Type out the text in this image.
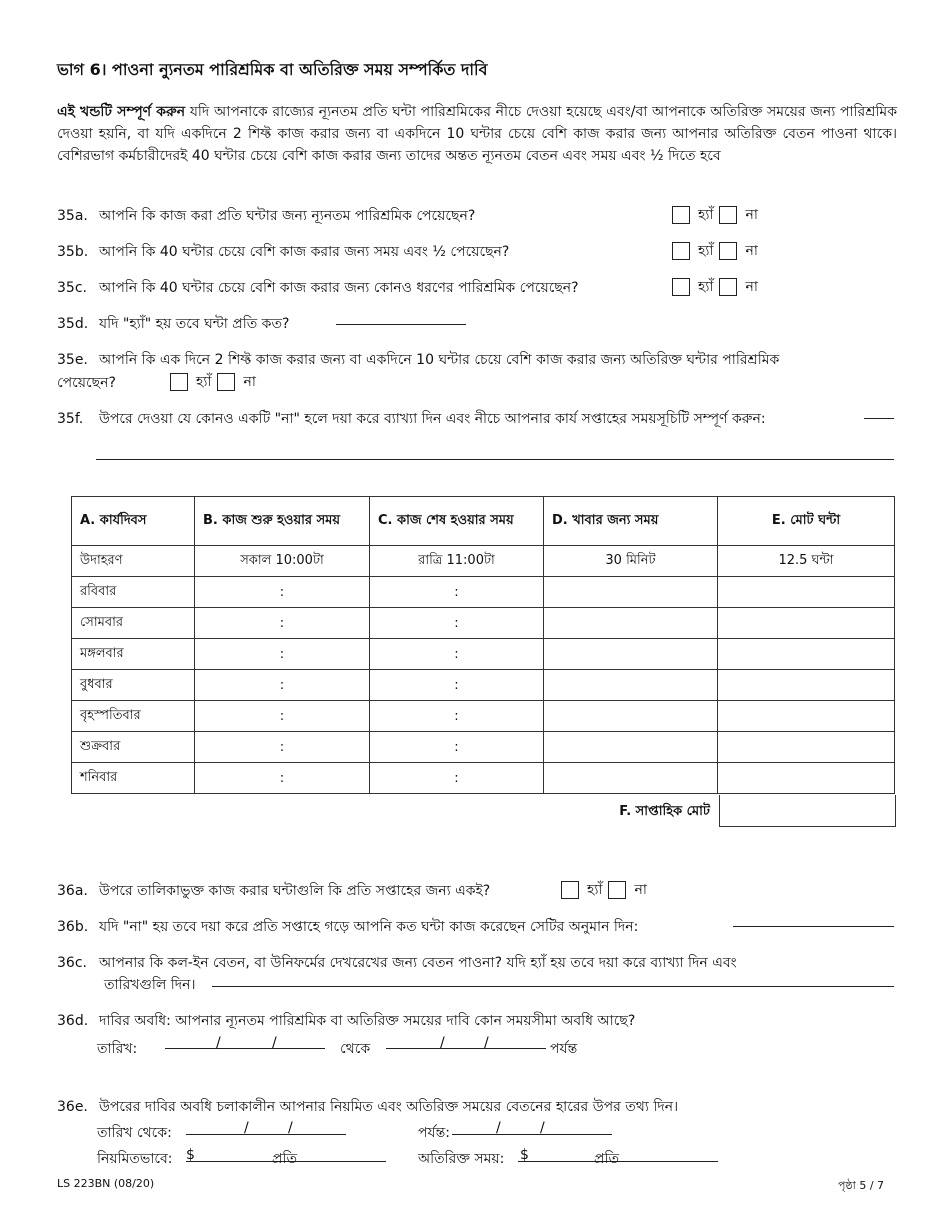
ভাগ 6। পাওনা ন্যুনতম পারিশ্রমিক বা অতিরিক্ত সময় সম্পর্কিত দাবি
এই খন্ডটি সম্পূর্ণ করুন যদি আপনাকে রাজ্যের ন্যূনতম প্রতি ঘন্টা পারিশ্রমিকের নীচে দেওয়া হয়েছে এবং/বা আপনাকে অতিরিক্ত সময়ের জন্য পারিশ্রমিক দেওয়া হয়নি, বা যদি একদিনে 2 শিফ্ট কাজ করার জন্য বা একদিনে 10 ঘন্টার চেয়ে বেশি কাজ করার জন্য আপনার অতিরিক্ত বেতন পাওনা থাকে। বেশিরভাগ কর্মচারীদেরই 40 ঘন্টার চেয়ে বেশি কাজ করার জন্য তাদের অন্তত ন্যূনতম বেতন এবং সময় এবং ½ দিতে হবে
35a. আপনি কি কাজ করা প্রতি ঘন্টার জন্য ন্যূনতম পারিশ্রমিক পেয়েছেন?	হ্যাঁ না
35b. আপনি কি 40 ঘন্টার চেয়ে বেশি কাজ করার জন্য সময় এবং ½ পেয়েছেন?	হ্যাঁ না
35c. আপনি কি 40 ঘন্টার চেয়ে বেশি কাজ করার জন্য কোনও ধরণের পারিশ্রমিক পেয়েছেন?	হ্যাঁ না
35d. যদি "হ্যাঁ" হয় তবে ঘন্টা প্রতি কত?
35e. আপনি কি এক দিনে 2 শিফ্ট কাজ করার জন্য বা একদিনে 10 ঘন্টার চেয়ে বেশি কাজ করার জন্য অতিরিক্ত ঘন্টার পারিশ্রমিক
পেয়েছেন?	হ্যাঁ না
35f. উপরে দেওয়া যে কোনও একটি "না" হলে দয়া করে ব্যাখ্যা দিন এবং নীচে আপনার কার্য সপ্তাহের সময়সূচিটি সম্পূর্ণ করুন:
A. কার্যদিবস	B. কাজ শুরু হওয়ার সময়	C. কাজ শেষ হওয়ার সময়	D. খাবার জন্য সময়	E. মোট ঘন্টা
উদাহরণ	সকাল 10:00টা	রাত্রি 11:00টা	30 মিনিট	12.5 ঘন্টা
রবিবার	:	:		
সোমবার	:	:		
মঙ্গলবার	:	:		
বুধবার	:	:		
বৃহস্পতিবার	:	:		
শুক্রবার	:	:		
শনিবার	:	:		
F. সাপ্তাহিক মোট
36a. উপরে তালিকাভুক্ত কাজ করার ঘন্টাগুলি কি প্রতি সপ্তাহের জন্য একই?	হ্যাঁ না
36b. যদি "না" হয় তবে দয়া করে প্রতি সপ্তাহে গড়ে আপনি কত ঘন্টা কাজ করেছেন সেটির অনুমান দিন:
36c. আপনার কি কল-ইন বেতন, বা উনিফর্মের দেখরেখের জন্য বেতন পাওনা? যদি হ্যাঁ হয় তবে দয়া করে ব্যাখ্যা দিন এবং
তারিখগুলি দিন।
36d. দাবির অবধি: আপনার ন্যূনতম পারিশ্রমিক বা অতিরিক্ত সময়ের দাবি কোন সময়সীমা অবধি আছে?
তারিখ:	/	/	থেকে	/	/	পর্যন্ত
36e. উপরের দাবির অবধি চলাকালীন আপনার নিয়মিত এবং অতিরিক্ত সময়ের বেতনের হারের উপর তথ্য দিন।
তারিখ থেকে:	/	/	পর্যন্ত:	/	/
নিয়মিতভাবে: $	প্রতি	অতিরিক্ত সময়: $	প্রতি
LS 223BN (08/20)	পৃষ্ঠা 5 / 7
